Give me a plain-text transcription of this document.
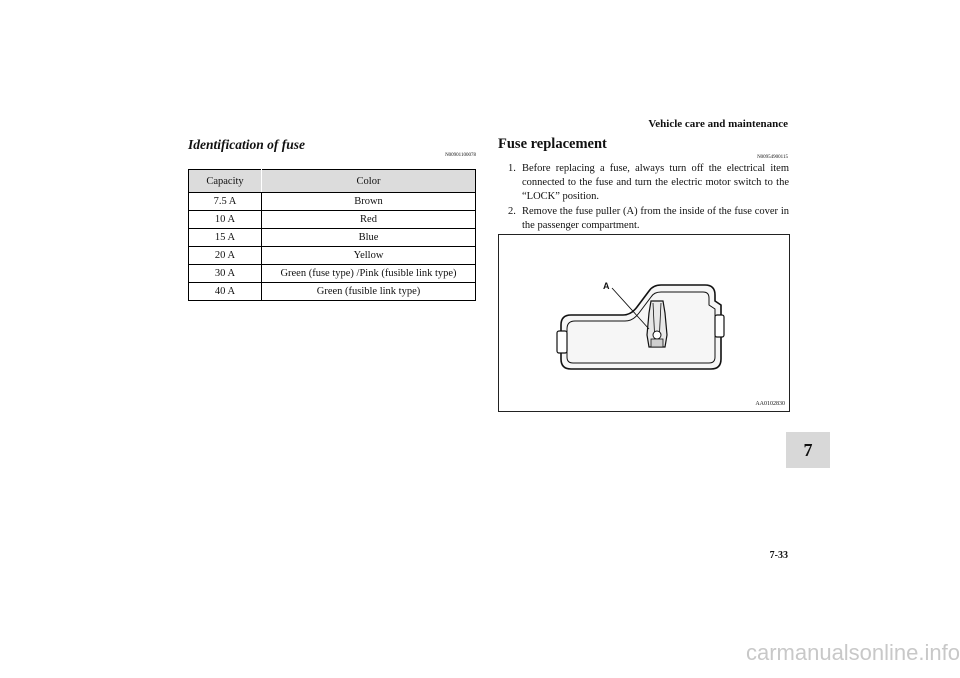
Vehicle care and maintenance
Identification of fuse
N00901100078
Capacity	Color
7.5 A	Brown
10 A	Red
15 A	Blue
20 A	Yellow
30 A	Green (fuse type) /Pink (fusible link type)
40 A	Green (fusible link type)
Fuse replacement
N00954900115
1. Before replacing a fuse, always turn off the electrical item connected to the fuse and turn the electric motor switch to the “LOCK” position.
2. Remove the fuse puller (A) from the inside of the fuse cover in the passenger compartment.
A
AA0102830
7
7-33
carmanualsonline.info
